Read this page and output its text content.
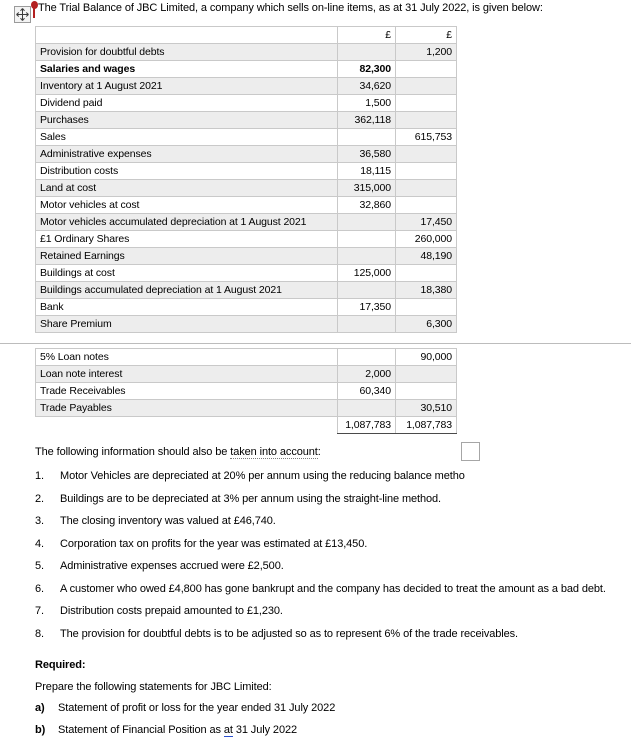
The Trial Balance of JBC Limited, a company which sells on-line items, as at 31 July 2022, is given below:
	£	£
Provision for doubtful debts		1,200
Salaries and wages	82,300	
Inventory at 1 August 2021	34,620	
Dividend paid	1,500	
Purchases	362,118	
Sales		615,753
Administrative expenses	36,580	
Distribution costs	18,115	
Land at cost	315,000	
Motor vehicles at cost	32,860	
Motor vehicles accumulated depreciation at 1 August 2021		17,450
£1 Ordinary Shares		260,000
Retained Earnings		48,190
Buildings at cost	125,000	
Buildings accumulated depreciation at 1 August 2021		18,380
Bank	17,350	
Share Premium		6,300
5% Loan notes		90,000
Loan note interest	2,000	
Trade Receivables	60,340	
Trade Payables		30,510
	1,087,783	1,087,783
The following information should also be taken into account:
1.	Motor Vehicles are depreciated at 20% per annum using the reducing balance metho
2.	Buildings are to be depreciated at 3% per annum using the straight-line method.
3.	The closing inventory was valued at £46,740.
4.	Corporation tax on profits for the year was estimated at £13,450.
5.	Administrative expenses accrued were £2,500.
6.	A customer who owed £4,800 has gone bankrupt and the company has decided to treat the amount as a bad debt.
7.	Distribution costs prepaid amounted to £1,230.
8.	The provision for doubtful debts is to be adjusted so as to represent 6% of the trade receivables.
Required:
Prepare the following statements for JBC Limited:
a) Statement of profit or loss for the year ended 31 July 2022
b) Statement of Financial Position as at 31 July 2022
